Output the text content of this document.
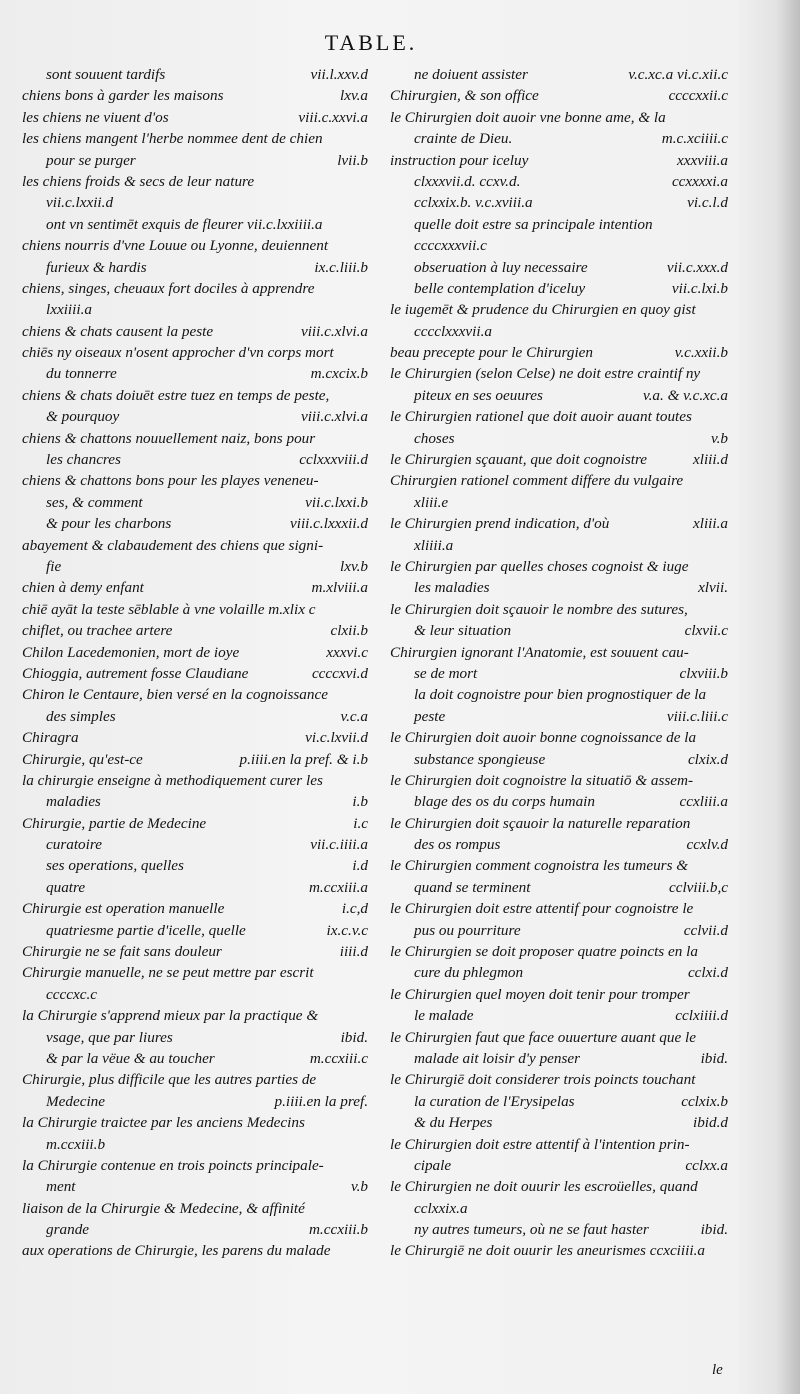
TABLE.
sont souuent tardifs	vii.l.xxv.d
chiens bons à garder les maisons	lxv.a
les chiens ne viuent d'os	viii.c.xxvi.a
les chiens mangent l'herbe nommee dent de chien
pour se purger	lvii.b
les chiens froids & secs de leur nature
vii.c.lxxii.d
ont vn sentimēt exquis de fleurer vii.c.lxxiiii.a
chiens nourris d'vne Louue ou Lyonne, deuiennent
furieux & hardis	ix.c.liii.b
chiens, singes, cheuaux fort dociles à apprendre
lxxiiii.a
chiens & chats causent la peste	viii.c.xlvi.a
chiēs ny oiseaux n'osent approcher d'vn corps mort
du tonnerre	m.cxcix.b
chiens & chats doiuēt estre tuez en temps de peste,
& pourquoy	viii.c.xlvi.a
chiens & chattons nouuellement naiz, bons pour
les chancres	cclxxxviii.d
chiens & chattons bons pour les playes veneneu-
ses, & comment	vii.c.lxxi.b
& pour les charbons	viii.c.lxxxii.d
abayement & clabaudement des chiens que signi-
fie	lxv.b
chien à demy enfant	m.xlviii.a
chiē ayāt la teste sēblable à vne volaille m.xlix c
chiflet, ou trachee artere	clxii.b
Chilon Lacedemonien, mort de ioye	xxxvi.c
Chioggia, autrement fosse Claudiane	ccccxvi.d
Chiron le Centaure, bien versé en la cognoissance
des simples	v.c.a
Chiragra	vi.c.lxvii.d
Chirurgie, qu'est-ce	p.iiii.en la pref. & i.b
la chirurgie enseigne à methodiquement curer les
maladies	i.b
Chirurgie, partie de Medecine	i.c
curatoire	vii.c.iiii.a
ses operations, quelles	i.d
quatre	m.ccxiii.a
Chirurgie est operation manuelle	i.c,d
quatriesme partie d'icelle, quelle	ix.c.v.c
Chirurgie ne se fait sans douleur	iiii.d
Chirurgie manuelle, ne se peut mettre par escrit
ccccxc.c
la Chirurgie s'apprend mieux par la practique &
vsage, que par liures	ibid.
& par la vëue & au toucher	m.ccxiii.c
Chirurgie, plus difficile que les autres parties de
Medecine	p.iiii.en la pref.
la Chirurgie traictee par les anciens Medecins
m.ccxiii.b
la Chirurgie contenue en trois poincts principale-
ment	v.b
liaison de la Chirurgie & Medecine, & affinité
grande	m.ccxiii.b
aux operations de Chirurgie, les parens du malade
ne doiuent assister	v.c.xc.a vi.c.xii.c
Chirurgien, & son office	ccccxxii.c
le Chirurgien doit auoir vne bonne ame, & la
crainte de Dieu.	m.c.xciiii.c
instruction pour iceluy	xxxviii.a
clxxxvii.d. ccxv.d.	ccxxxxi.a
cclxxix.b. v.c.xviii.a	vi.c.l.d
quelle doit estre sa principale intention
ccccxxxvii.c
obseruation à luy necessaire	vii.c.xxx.d
belle contemplation d'iceluy	vii.c.lxi.b
le iugemēt & prudence du Chirurgien en quoy gist
cccclxxxvii.a
beau precepte pour le Chirurgien	v.c.xxii.b
le Chirurgien (selon Celse) ne doit estre craintif ny
piteux en ses oeuures	v.a. & v.c.xc.a
le Chirurgien rationel que doit auoir auant toutes
choses	v.b
le Chirurgien sçauant, que doit cognoistre	xliii.d
Chirurgien rationel comment differe du vulgaire
xliii.e
le Chirurgien prend indication, d'où	xliii.a
xliiii.a
le Chirurgien par quelles choses cognoist & iuge
les maladies	xlvii.
le Chirurgien doit sçauoir le nombre des sutures,
& leur situation	clxvii.c
Chirurgien ignorant l'Anatomie, est souuent cau-
se de mort	clxviii.b
la doit cognoistre pour bien prognostiquer de la
peste	viii.c.liii.c
le Chirurgien doit auoir bonne cognoissance de la
substance spongieuse	clxix.d
le Chirurgien doit cognoistre la situatiō & assem-
blage des os du corps humain	ccxliii.a
le Chirurgien doit sçauoir la naturelle reparation
des os rompus	ccxlv.d
le Chirurgien comment cognoistra les tumeurs &
quand se terminent	cclviii.b,c
le Chirurgien doit estre attentif pour cognoistre le
pus ou pourriture	cclvii.d
le Chirurgien se doit proposer quatre poincts en la
cure du phlegmon	cclxi.d
le Chirurgien quel moyen doit tenir pour tromper
le malade	cclxiiii.d
le Chirurgien faut que face ouuerture auant que le
malade ait loisir d'y penser	ibid.
le Chirurgiē doit considerer trois poincts touchant
la curation de l'Erysipelas	cclxix.b
& du Herpes	ibid.d
le Chirurgien doit estre attentif à l'intention prin-
cipale	cclxx.a
le Chirurgien ne doit ouurir les escroüelles, quand
cclxxix.a
ny autres tumeurs, où ne se faut haster	ibid.
le Chirurgiē ne doit ouurir les aneurismes ccxciiii.a
le
